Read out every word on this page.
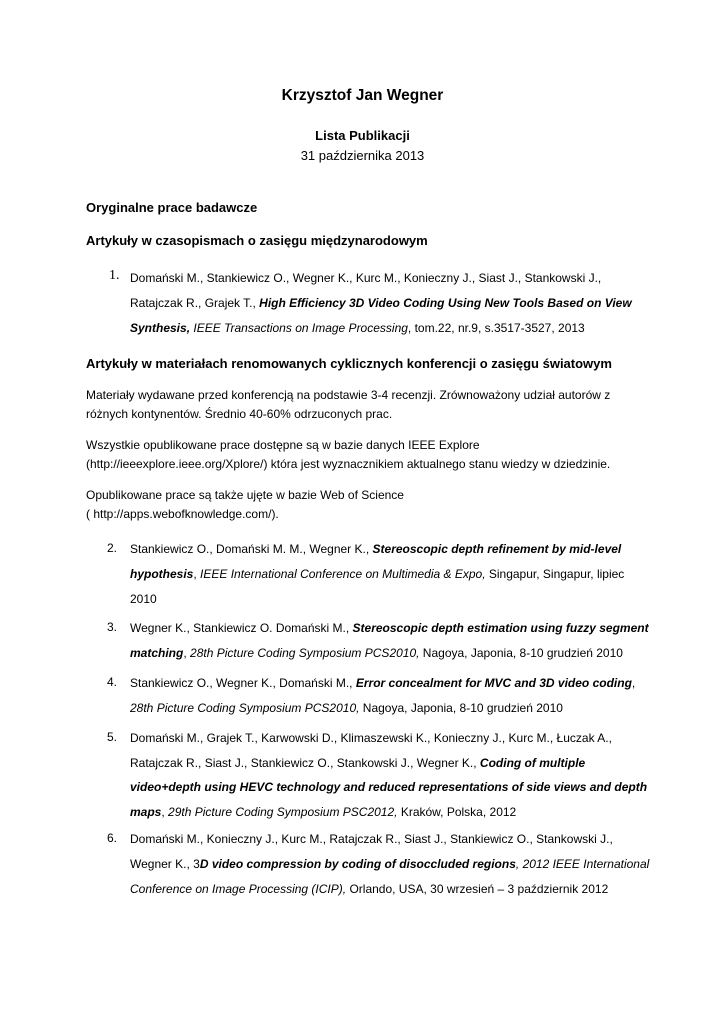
Krzysztof Jan Wegner
Lista Publikacji
31 października 2013
Oryginalne prace badawcze
Artykuły w czasopismach o zasięgu międzynarodowym
1. Domański M., Stankiewicz O., Wegner K., Kurc M., Konieczny J., Siast J., Stankowski J.,
Ratajczak R., Grajek T., High Efficiency 3D Video Coding Using New Tools Based on View
Synthesis, IEEE Transactions on Image Processing, tom.22, nr.9, s.3517-3527, 2013
Artykuły w materiałach renomowanych cyklicznych konferencji o zasięgu światowym
Materiały wydawane przed konferencją na podstawie 3-4 recenzji. Zrównoważony udział autorów z
różnych kontynentów. Średnio 40-60% odrzuconych prac.
Wszystkie opublikowane prace dostępne są w bazie danych IEEE Explore
(http://ieeexplore.ieee.org/Xplore/) która jest wyznacznikiem aktualnego stanu wiedzy w dziedzinie.
Opublikowane prace są także ujęte w bazie Web of Science
( http://apps.webofknowledge.com/).
2.	Stankiewicz O., Domański M. M., Wegner K., Stereoscopic depth refinement by mid-level
hypothesis, IEEE International Conference on Multimedia & Expo, Singapur, Singapur, lipiec
2010
3.	Wegner K., Stankiewicz O. Domański M., Stereoscopic depth estimation using fuzzy segment
matching, 28th Picture Coding Symposium PCS2010, Nagoya, Japonia, 8-10 grudzień 2010
4.	Stankiewicz O., Wegner K., Domański M., Error concealment for MVC and 3D video coding,
28th Picture Coding Symposium PCS2010, Nagoya, Japonia, 8-10 grudzień 2010
5.	Domański M., Grajek T., Karwowski D., Klimaszewski K., Konieczny J., Kurc M., Łuczak A.,
Ratajczak R., Siast J., Stankiewicz O., Stankowski J., Wegner K., Coding of multiple
video+depth using HEVC technology and reduced representations of side views and depth
maps, 29th Picture Coding Symposium PSC2012, Kraków, Polska, 2012
6.	Domański M., Konieczny J., Kurc M., Ratajczak R., Siast J., Stankiewicz O., Stankowski J.,
Wegner K., 3D video compression by coding of disoccluded regions, 2012 IEEE International
Conference on Image Processing (ICIP), Orlando, USA, 30 wrzesień – 3 październik 2012
